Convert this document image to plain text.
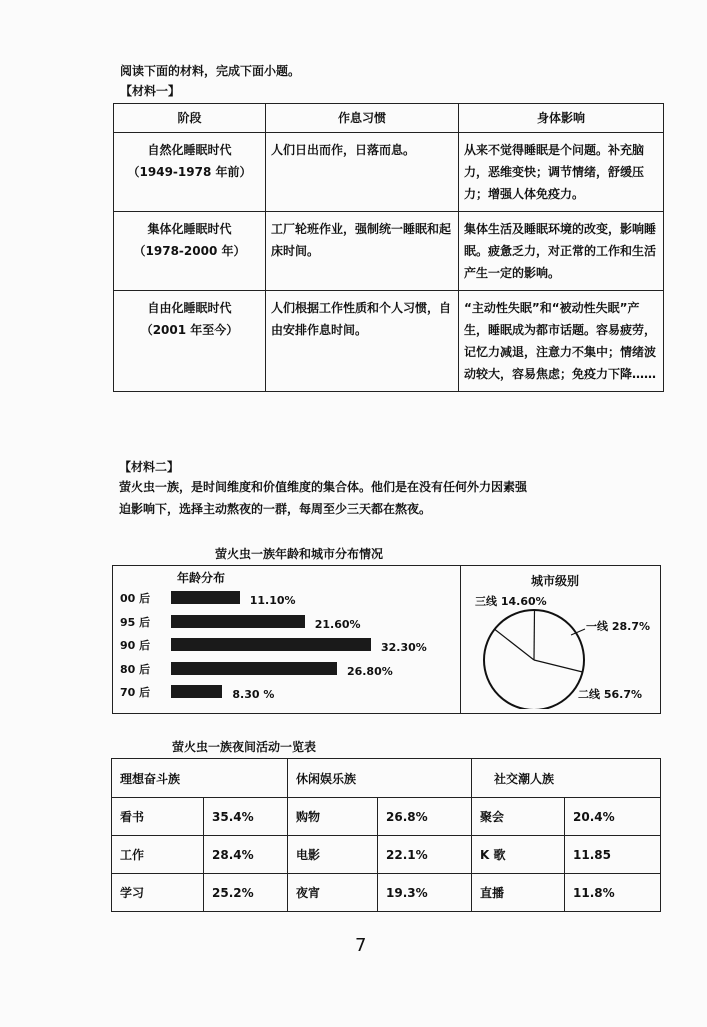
阅读下面的材料，完成下面小题。
【材料一】
阶段	作息习惯	身体影响

自然化睡眠时代
（1949-1978 年前）	人们日出而作，日落而息。	从来不觉得睡眠是个问题。补充脑力，恶维变快；调节情绪，舒缓压力；增强人体免疫力。

集体化睡眠时代
（1978-2000 年）	工厂轮班作业，强制统一睡眠和起床时间。	集体生活及睡眠环境的改变，影响睡眠。疲惫乏力，对正常的工作和生活产生一定的影响。

自由化睡眠时代
（2001 年至今）	人们根据工作性质和个人习惯，自由安排作息时间。	“主动性失眠”和“被动性失眠”产生，睡眠成为都市话题。容易疲劳，记忆力减退，注意力不集中；情绪波动较大，容易焦虑；免疫力下降……
【材料二】
萤火虫一族，是时间维度和价值维度的集合体。他们是在没有任何外力因素强
迫影响下，选择主动熬夜的一群，每周至少三天都在熬夜。
萤火虫一族年龄和城市分布情况
年龄分布
00 后	11.10%
95 后	21.60%
90 后	32.30%
80 后	26.80%
70 后	8.30 %
城市级别
三线 14.60%
一线 28.7%
二线 56.7%
萤火虫一族夜间活动一览表
理想奋斗族		休闲娱乐族		社交潮人族	
看书	35.4%	购物	26.8%	聚会	20.4%
工作	28.4%	电影	22.1%	K 歌	11.85
学习	25.2%	夜宵	19.3%	直播	11.8%
7
